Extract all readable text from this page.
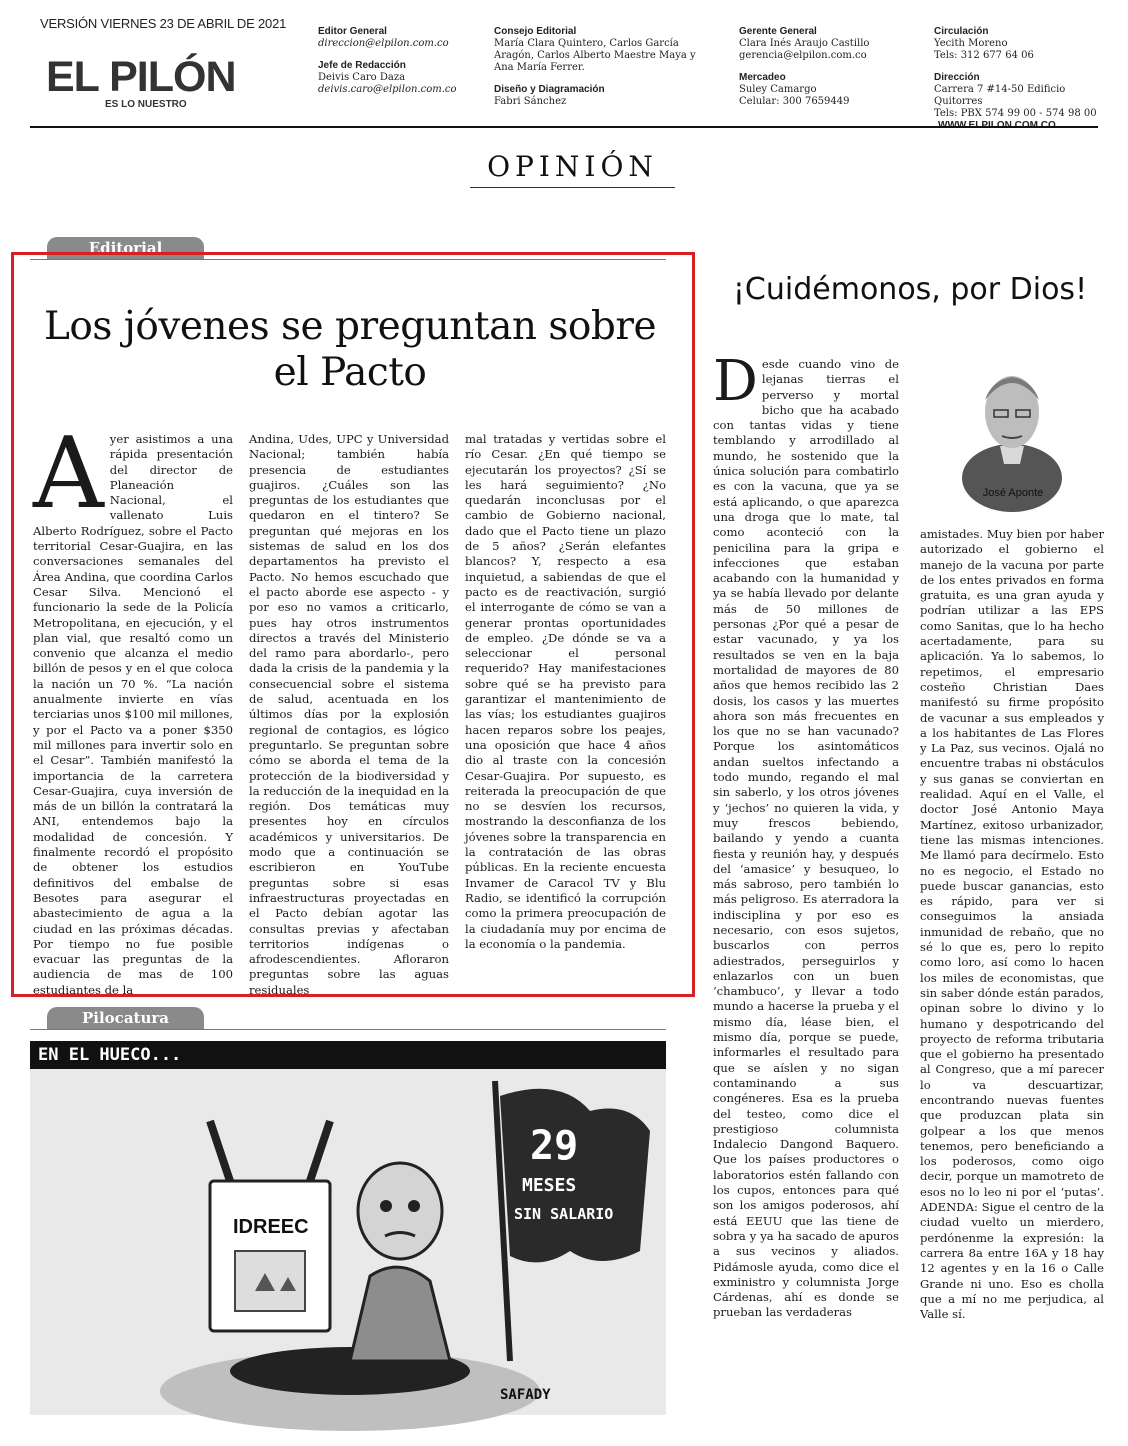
VERSIÓN VIERNES 23 DE ABRIL DE 2021
EL PILÓN
ES LO NUESTRO
Editor General
direccion@elpilon.com.co
Jefe de Redacción
Deivis Caro Daza
deivis.caro@elpilon.com.co
Consejo Editorial
María Clara Quintero, Carlos García Aragón, Carlos Alberto Maestre Maya y Ana María Ferrer.
Diseño y Diagramación
Fabri Sánchez
Gerente General
Clara Inés Araujo Castillo
gerencia@elpilon.com.co
Mercadeo
Suley Camargo
Celular: 300 7659449
Circulación
Yecith Moreno
Tels: 312 677 64 06
Dirección
Carrera 7 #14-50 Edificio Quitorres
Tels: PBX 574 99 00 - 574 98 00
OPINIÓN
Editorial
Los jóvenes se preguntan sobre el Pacto
A yer asistimos a una rápida presentación del director de Planeación Nacional, el vallenato Luis Alberto Rodríguez, sobre el Pacto territorial Cesar-Guajira, en las conversaciones semanales del Área Andina, que coordina Carlos Cesar Silva. Mencionó el funcionario la sede de la Policía Metropolitana, en ejecución, y el plan vial, que resaltó como un convenio que alcanza el medio billón de pesos y en el que coloca la nación un 70 %. “La nación anualmente invierte en vías terciarias unos $100 mil millones, y por el Pacto va a poner $350 mil millones para invertir solo en el Cesar”. También manifestó la importancia de la carretera Cesar-Guajira, cuya inversión de más de un billón la contratará la ANI, entendemos bajo la modalidad de concesión. Y finalmente recordó el propósito de obtener los estudios definitivos del embalse de Besotes para asegurar el abastecimiento de agua a la ciudad en las próximas décadas. Por tiempo no fue posible evacuar las preguntas de la audiencia de mas de 100 estudiantes de la
Andina, Udes, UPC y Universidad Nacional; también había presencia de estudiantes guajiros. ¿Cuáles son las preguntas de los estudiantes que quedaron en el tintero? Se preguntan qué mejoras en los sistemas de salud en los dos departamentos ha previsto el Pacto. No hemos escuchado que el pacto aborde ese aspecto - y por eso no vamos a criticarlo, pues hay otros instrumentos directos a través del Ministerio del ramo para abordarlo-, pero dada la crisis de la pandemia y la consecuencial sobre el sistema de salud, acentuada en los últimos días por la explosión regional de contagios, es lógico preguntarlo. Se preguntan sobre cómo se aborda el tema de la protección de la biodiversidad y la reducción de la inequidad en la región. Dos temáticas muy presentes hoy en círculos académicos y universitarios. De modo que a continuación se escribieron en YouTube preguntas sobre si esas infraestructuras proyectadas en el Pacto debían agotar las consultas previas y afectaban territorios indígenas o afrodescendientes. Afloraron preguntas sobre las aguas residuales
mal tratadas y vertidas sobre el río Cesar. ¿En qué tiempo se ejecutarán los proyectos? ¿Sí se les hará seguimiento? ¿No quedarán inconclusas por el cambio de Gobierno nacional, dado que el Pacto tiene un plazo de 5 años? ¿Serán elefantes blancos? Y, respecto a esa inquietud, a sabiendas de que el pacto es de reactivación, surgió el interrogante de cómo se van a generar prontas oportunidades de empleo. ¿De dónde se va a seleccionar el personal requerido? Hay manifestaciones sobre qué se ha previsto para garantizar el mantenimiento de las vías; los estudiantes guajiros hacen reparos sobre los peajes, una oposición que hace 4 años dio al traste con la concesión Cesar-Guajira. Por supuesto, es reiterada la preocupación de que no se desvíen los recursos, mostrando la desconfianza de los jóvenes sobre la transparencia en la contratación de las obras públicas. En la reciente encuesta Invamer de Caracol TV y Blu Radio, se identificó la corrupción como la primera preocupación de la ciudadanía muy por encima de la economía o la pandemia.
¡Cuidémonos, por Dios!
José Aponte
D esde cuando vino de lejanas tierras el perverso y mortal bicho que ha acabado con tantas vidas y tiene temblando y arrodillado al mundo, he sostenido que la única solución para combatirlo es con la vacuna, que ya se está aplicando, o que aparezca una droga que lo mate, tal como aconteció con la penicilina para la gripa e infecciones que estaban acabando con la humanidad y ya se había llevado por delante más de 50 millones de personas ¿Por qué a pesar de estar vacunado, y ya los resultados se ven en la baja mortalidad de mayores de 80 años que hemos recibido las 2 dosis, los casos y las muertes ahora son más frecuentes en los que no se han vacunado? Porque los asintomáticos andan sueltos infectando a todo mundo, regando el mal sin saberlo, y los otros jóvenes y ‘jechos’ no quieren la vida, y muy frescos bebiendo, bailando y yendo a cuanta fiesta y reunión hay, y después del ‘amasice’ y besuqueo, lo más sabroso, pero también lo más peligroso. Es aterradora la indisciplina y por eso es necesario, con esos sujetos, buscarlos con perros adiestrados, perseguirlos y enlazarlos con un buen ‘chambuco’, y llevar a todo mundo a hacerse la prueba y el mismo día, léase bien, el mismo día, porque se puede, informarles el resultado para que se aíslen y no sigan contaminando a sus congéneres. Esa es la prueba del testeo, como dice el prestigioso columnista Indalecio Dangond Baquero. Que los países productores o laboratorios estén fallando con los cupos, entonces para qué son los amigos poderosos, ahí está EEUU que las tiene de sobra y ya ha sacado de apuros a sus vecinos y aliados. Pidámosle ayuda, como dice el exministro y columnista Jorge Cárdenas, ahí es donde se prueban las verdaderas
amistades. Muy bien por haber autorizado el gobierno el manejo de la vacuna por parte de los entes privados en forma gratuita, es una gran ayuda y podrían utilizar a las EPS como Sanitas, que lo ha hecho acertadamente, para su aplicación. Ya lo sabemos, lo repetimos, el empresario costeño Christian Daes manifestó su firme propósito de vacunar a sus empleados y a los habitantes de Las Flores y La Paz, sus vecinos. Ojalá no encuentre trabas ni obstáculos y sus ganas se conviertan en realidad. Aquí en el Valle, el doctor José Antonio Maya Martínez, exitoso urbanizador, tiene las mismas intenciones. Me llamó para decírmelo. Esto no es negocio, el Estado no puede buscar ganancias, esto es rápido, para ver si conseguimos la ansiada inmunidad de rebaño, que no sé lo que es, pero lo repito como loro, así como lo hacen los miles de economistas, que sin saber dónde están parados, opinan sobre lo divino y lo humano y despotricando del proyecto de reforma tributaria que el gobierno ha presentado al Congreso, que a mí parecer lo va descuartizar, encontrando nuevas fuentes que produzcan plata sin golpear a los que menos tenemos, pero beneficiando a los poderosos, como oigo decir, porque un mamotreto de esos no lo leo ni por el ‘putas’. ADENDA: Sigue el centro de la ciudad vuelto un mierdero, perdónenme la expresión: la carrera 8a entre 16A y 18 hay 12 agentes y en la 16 o Calle Grande ni uno. Eso es cholla que a mí no me perjudica, al Valle sí.
Pilocatura
29
MESES
SIN SALARIO
IDREEC
SAFADY
EN EL HUECO...
